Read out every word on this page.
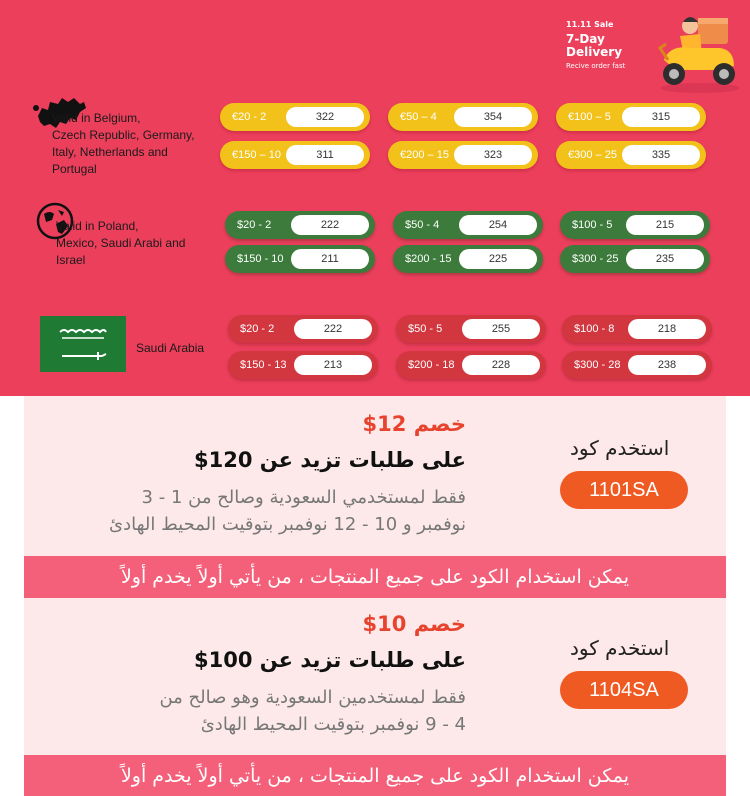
11.11 Sale
7-Day
Delivery
Recive order fast
Valid in Belgium,
Czech Republic, Germany,
Italy, Netherlands and
Portugal
Valid in Poland,
Mexico, Saudi Arabi and
Israel
Saudi Arabia
€20 - 2	322	€50 – 4	354	€100 – 5	315
€150 – 10	311	€200 – 15	323	€300 – 25	335
$20 - 2	222	$50 - 4	254	$100 - 5	215
$150 - 10	211	$200 - 15	225	$300 - 25	235
$20 - 2	222	$50 - 5	255	$100 - 8	218
$150 - 13	213	$200 - 18	228	$300 - 28	238
خصم 12$
على طلبات تزيد عن 120$
فقط لمستخدمي السعودية وصالح من 1 - 3
نوفمبر و 10 - 12 نوفمبر بتوقيت المحيط الهادئ
استخدم كود
1101SA
يمكن استخدام الكود على جميع المنتجات ، من يأتي أولاً يخدم أولاً
خصم 10$
على طلبات تزيد عن 100$
فقط لمستخدمين السعودية وهو صالح من
4 - 9 نوفمبر بتوقيت المحيط الهادئ
استخدم كود
1104SA
يمكن استخدام الكود على جميع المنتجات ، من يأتي أولاً يخدم أولاً
